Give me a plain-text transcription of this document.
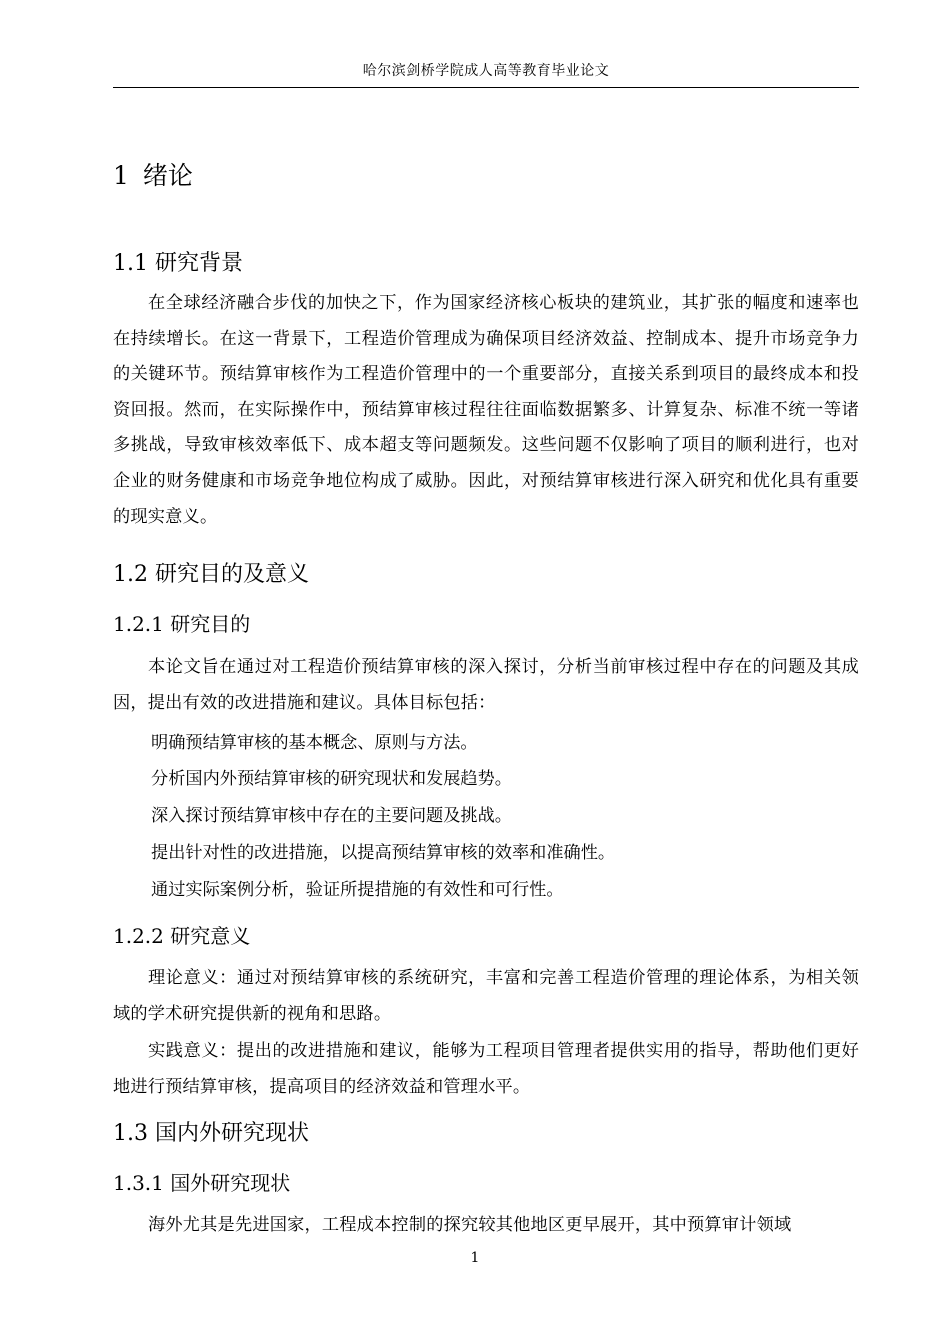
哈尔滨剑桥学院成人高等教育毕业论文
1 绪论
1.1 研究背景

在全球经济融合步伐的加快之下，作为国家经济核心板块的建筑业，其扩张的幅度和速率也在持续增长。在这一背景下，工程造价管理成为确保项目经济效益、控制成本、提升市场竞争力的关键环节。预结算审核作为工程造价管理中的一个重要部分，直接关系到项目的最终成本和投资回报。然而，在实际操作中，预结算审核过程往往面临数据繁多、计算复杂、标准不统一等诸多挑战，导致审核效率低下、成本超支等问题频发。这些问题不仅影响了项目的顺利进行，也对企业的财务健康和市场竞争地位构成了威胁。因此，对预结算审核进行深入研究和优化具有重要的现实意义。

1.2 研究目的及意义
1.2.1 研究目的

本论文旨在通过对工程造价预结算审核的深入探讨，分析当前审核过程中存在的问题及其成因，提出有效的改进措施和建议。具体目标包括：

明确预结算审核的基本概念、原则与方法。
分析国内外预结算审核的研究现状和发展趋势。
深入探讨预结算审核中存在的主要问题及挑战。
提出针对性的改进措施，以提高预结算审核的效率和准确性。
通过实际案例分析，验证所提措施的有效性和可行性。
1.2.2 研究意义

理论意义：通过对预结算审核的系统研究，丰富和完善工程造价管理的理论体系，为相关领域的学术研究提供新的视角和思路。

实践意义：提出的改进措施和建议，能够为工程项目管理者提供实用的指导，帮助他们更好地进行预结算审核，提高项目的经济效益和管理水平。

1.3 国内外研究现状
1.3.1 国外研究现状

海外尤其是先进国家，工程成本控制的探究较其他地区更早展开，其中预算审计领域

1
